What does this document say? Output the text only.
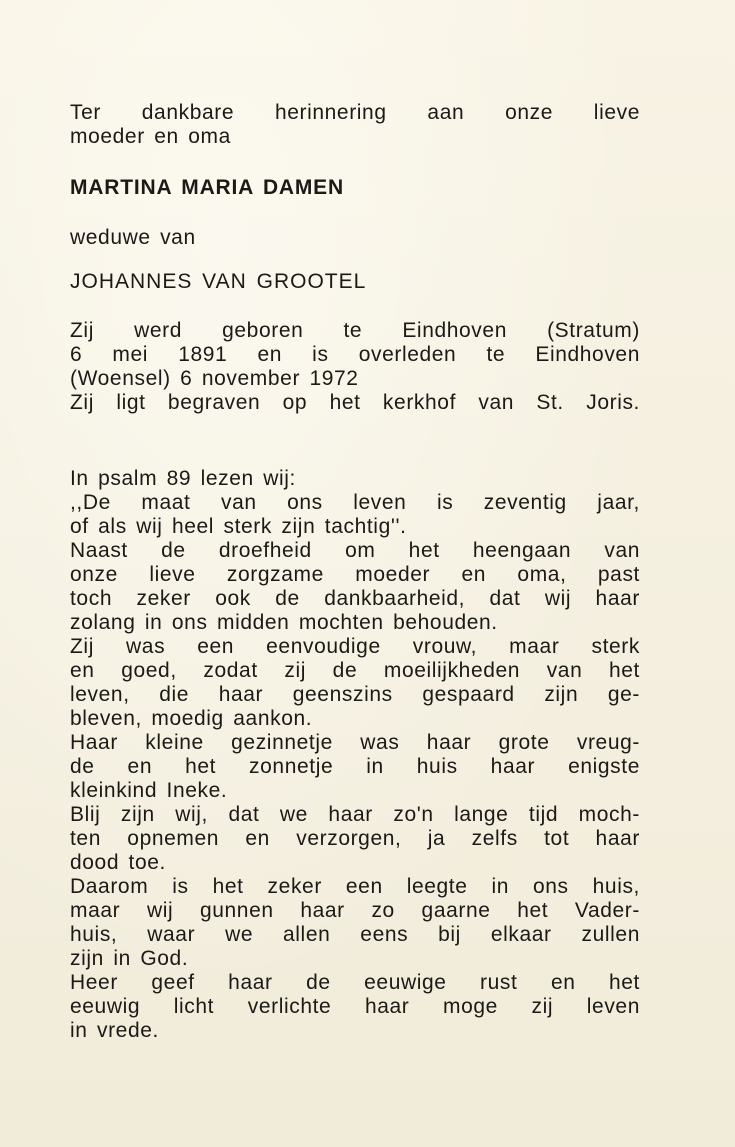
Ter dankbare herinnering aan onze lieve
moeder en oma
MARTINA MARIA DAMEN
weduwe van
JOHANNES VAN GROOTEL
Zij werd geboren te Eindhoven (Stratum)
6 mei 1891 en is overleden te Eindhoven
(Woensel) 6 november 1972
Zij ligt begraven op het kerkhof van St. Joris.
In psalm 89 lezen wij:
,,De maat van ons leven is zeventig jaar,
of als wij heel sterk zijn tachtig''.
Naast de droefheid om het heengaan van
onze lieve zorgzame moeder en oma, past
toch zeker ook de dankbaarheid, dat wij haar
zolang in ons midden mochten behouden.
Zij was een eenvoudige vrouw, maar sterk
en goed, zodat zij de moeilijkheden van het
leven, die haar geenszins gespaard zijn ge-
bleven, moedig aankon.
Haar kleine gezinnetje was haar grote vreug-
de en het zonnetje in huis haar enigste
kleinkind Ineke.
Blij zijn wij, dat we haar zo'n lange tijd moch-
ten opnemen en verzorgen, ja zelfs tot haar
dood toe.
Daarom is het zeker een leegte in ons huis,
maar wij gunnen haar zo gaarne het Vader-
huis, waar we allen eens bij elkaar zullen
zijn in God.
Heer geef haar de eeuwige rust en het
eeuwig licht verlichte haar moge zij leven
in vrede.
